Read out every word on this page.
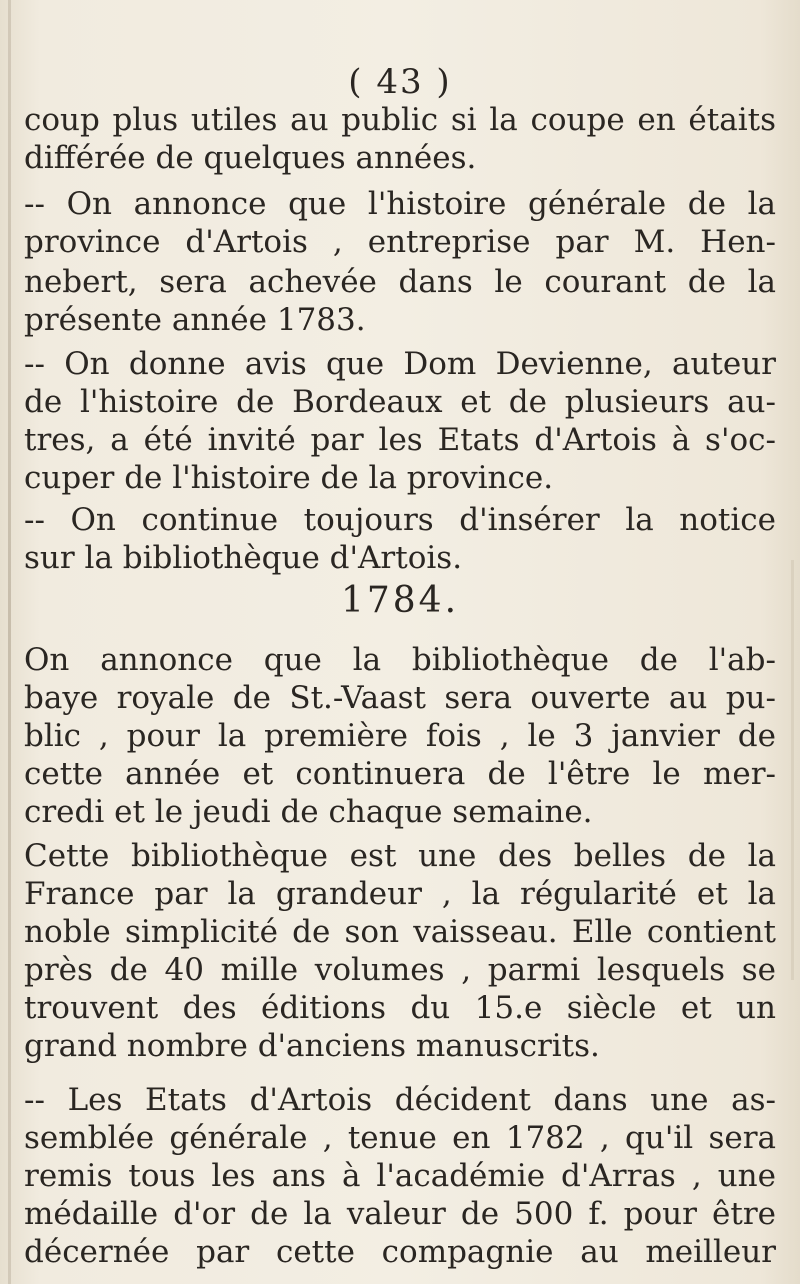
( 43 )
coup plus utiles au public si la coupe en étaits
différée de quelques années.
-- On annonce que l'histoire générale de la
province d'Artois , entreprise par M. Hen-
nebert, sera achevée dans le courant de la
présente année 1783.
-- On donne avis que Dom Devienne, auteur
de l'histoire de Bordeaux et de plusieurs au-
tres, a été invité par les Etats d'Artois à s'oc-
cuper de l'histoire de la province.
-- On continue toujours d'insérer la notice
sur la bibliothèque d'Artois.
1784.
On annonce que la bibliothèque de l'ab-
baye royale de St.-Vaast sera ouverte au pu-
blic , pour la première fois , le 3 janvier de
cette année et continuera de l'être le mer-
credi et le jeudi de chaque semaine.
Cette bibliothèque est une des belles de la
France par la grandeur , la régularité et la
noble simplicité de son vaisseau. Elle contient
près de 40 mille volumes , parmi lesquels se
trouvent des éditions du 15.e siècle et un
grand nombre d'anciens manuscrits.
-- Les Etats d'Artois décident dans une as-
semblée générale , tenue en 1782 , qu'il sera
remis tous les ans à l'académie d'Arras , une
médaille d'or de la valeur de 500 f. pour être
décernée par cette compagnie au meilleur
